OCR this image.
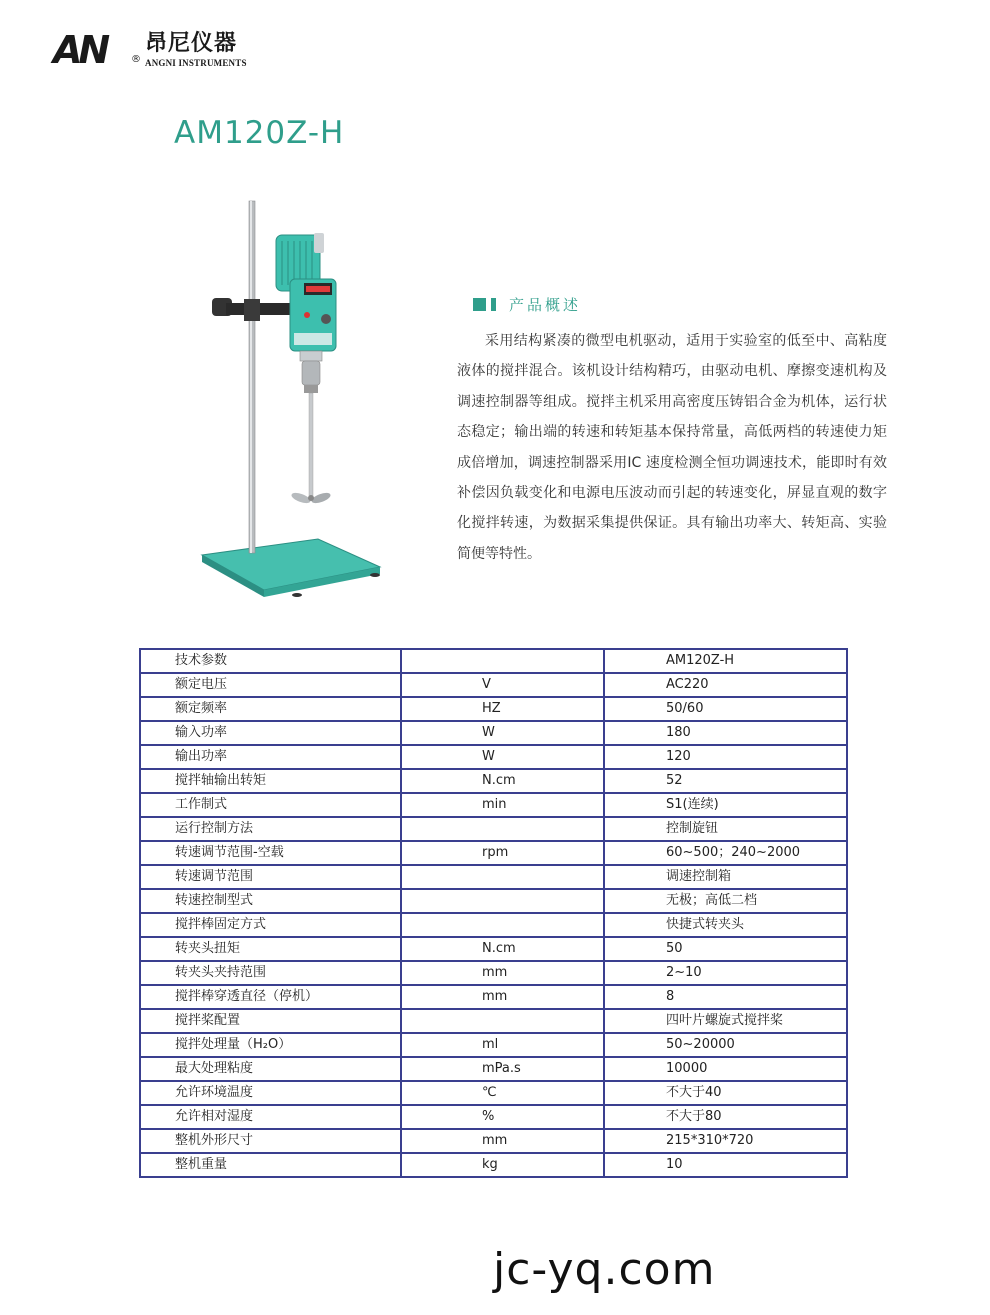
AN ®
昂尼仪器
ANGNI INSTRUMENTS
AM120Z-H
产品概述

采用结构紧凑的微型电机驱动，适用于实验室的低至中、高粘度液体的搅拌混合。该机设计结构精巧，由驱动电机、摩擦变速机构及调速控制器等组成。搅拌主机采用高密度压铸铝合金为机体，运行状态稳定；输出端的转速和转矩基本保持常量，高低两档的转速使力矩成倍增加，调速控制器采用IC 速度检测全恒功调速技术，能即时有效补偿因负载变化和电源电压波动而引起的转速变化，屏显直观的数字化搅拌转速，为数据采集提供保证。具有输出功率大、转矩高、实验简便等特性。

技术参数		AM120Z-H
额定电压	V	AC220
额定频率	HZ	50/60
输入功率	W	180
输出功率	W	120
搅拌轴输出转矩	N.cm	52
工作制式	min	S1(连续)
运行控制方法		控制旋钮
转速调节范围-空载	rpm	60~500；240~2000
转速调节范围		调速控制箱
转速控制型式		无极；高低二档
搅拌棒固定方式		快捷式转夹头
转夹头扭矩	N.cm	50
转夹头夹持范围	mm	2~10
搅拌棒穿透直径（停机）	mm	8
搅拌桨配置		四叶片螺旋式搅拌桨
搅拌处理量（H₂O）	ml	50~20000
最大处理粘度	mPa.s	10000
允许环境温度	℃	不大于40
允许相对湿度	%	不大于80
整机外形尺寸	mm	215*310*720
整机重量	kg	10
jc-yq.com
